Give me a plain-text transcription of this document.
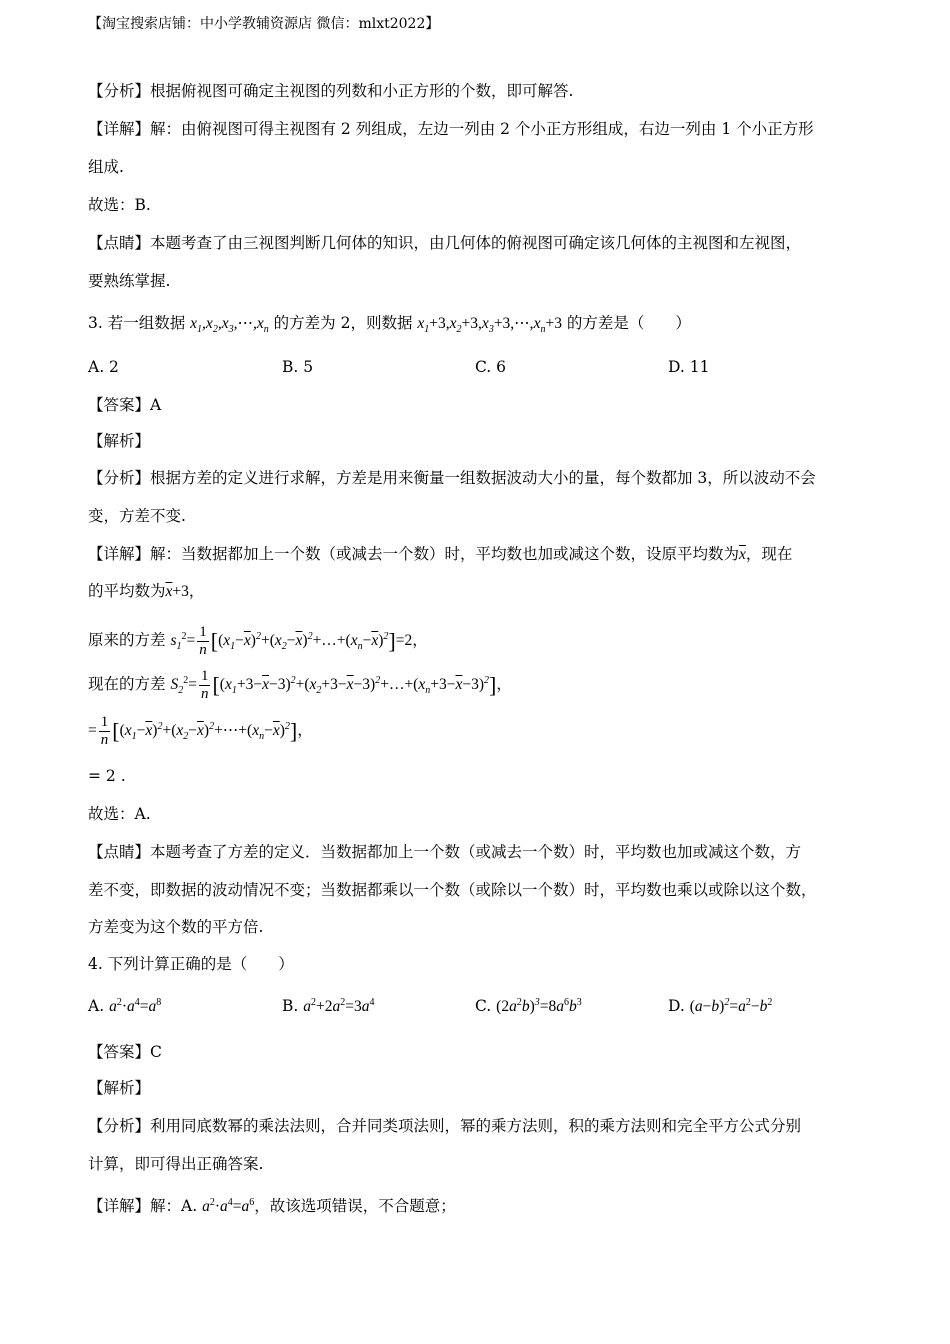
【淘宝搜索店铺：中小学教辅资源店 微信：mlxt2022】
【分析】根据俯视图可确定主视图的列数和小正方形的个数，即可解答.
【详解】解：由俯视图可得主视图有 2 列组成，左边一列由 2 个小正方形组成，右边一列由 1 个小正方形
组成.
故选：B.
【点睛】本题考查了由三视图判断几何体的知识，由几何体的俯视图可确定该几何体的主视图和左视图，
要熟练掌握.
3. 若一组数据 $x_1,x_2,x_3,\cdots,x_n$ 的方差为 2，则数据 $x_1+3,x_2+3,x_3+3,\cdots,x_n+3$ 的方差是（　　）
A. 2	B. 5	C. 6	D. 11
【答案】A
【解析】
【分析】根据方差的定义进行求解，方差是用来衡量一组数据波动大小的量，每个数都加 3，所以波动不会
变，方差不变.
【详解】解：当数据都加上一个数（或减去一个数）时，平均数也加或减这个数，设原平均数为$\overline{x}$，现在
的平均数为$\overline{x}+3$，
原来的方差 $s_1^2= \frac{1}{n}$ $[(x_1-\overline{x})^2+(x_2-\overline{x})^2+\dots+(x_n-\overline{x})^2]=2$，
现在的方差 $S_2^2= \frac{1}{n}$ $[(x_1+3-\overline{x}-3)^2+(x_2+3-\overline{x}-3)^2+\dots+(x_n+3-\overline{x}-3)^2]$，
= $\frac{1}{n}$ $[(x_1-\overline{x})^2+(x_2-\overline{x})^2+\cdots+(x_n-\overline{x})^2]$，
= 2 .
故选：A.
【点睛】本题考查了方差的定义．当数据都加上一个数（或减去一个数）时，平均数也加或减这个数，方
差不变，即数据的波动情况不变；当数据都乘以一个数（或除以一个数）时，平均数也乘以或除以这个数，
方差变为这个数的平方倍.
4. 下列计算正确的是（　　）
A. $a^2\cdot a^4=a^8$	B. $a^2+2a^2=3a^4$	C. $(2a^2b)^3=8a^6b^3$	D. $(a-b)^2=a^2-b^2$
【答案】C
【解析】
【分析】利用同底数幂的乘法法则，合并同类项法则，幂的乘方法则，积的乘方法则和完全平方公式分别
计算，即可得出正确答案.
【详解】解：A. $a^2\cdot a^4=a^6$，故该选项错误，不合题意；
